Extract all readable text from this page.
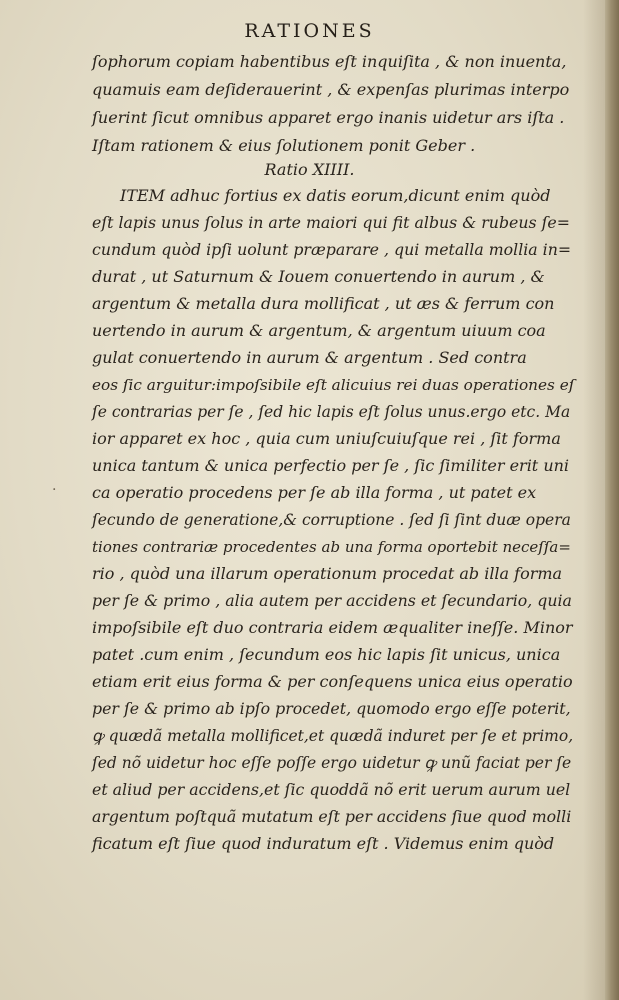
RATIONES
ſophorum copiam habentibus eſt inquiſita , & non inuenta,
quamuis eam deſiderauerint , & expenſas plurimas interpo
ſuerint ſicut omnibus apparet ergo inanis uidetur ars iſta .
Iſtam rationem & eius ſolutionem ponit Geber .
Ratio XIIII.
ITEM adhuc fortius ex datis eorum,dicunt enim quòd
eſt lapis unus ſolus in arte maiori qui fit albus & rubeus ſe=
cundum quòd ipſi uolunt præparare , qui metalla mollia in=
durat , ut Saturnum & Iouem conuertendo in aurum , &
argentum & metalla dura mollificat , ut æs & ferrum con
uertendo in aurum & argentum, & argentum uiuum coa
gulat conuertendo in aurum & argentum . Sed contra
eos ſic arguitur:impoſsibile eſt alicuius rei duas operationes eſ
ſe contrarias per ſe , ſed hic lapis eſt ſolus unus.ergo etc. Ma
ior apparet ex hoc , quia cum uniuſcuiuſque rei , ſit forma
unica tantum & unica perfectio per ſe , ſic ſimiliter erit uni
ca operatio procedens per ſe ab illa forma , ut patet ex
ſecundo de generatione,& corruptione . ſed ſi ſint duæ opera
tiones contrariæ procedentes ab una forma oportebit neceſſa=
rio , quòd una illarum operationum procedat ab illa forma
per ſe & primo , alia autem per accidens et ſecundario, quia
impoſsibile eſt duo contraria eidem æqualiter ineſſe. Minor
patet .cum enim , ſecundum eos hic lapis ſit unicus, unica
etiam erit eius forma & per conſequens unica eius operatio
per ſe & primo ab ipſo procedet, quomodo ergo eſſe poterit,
ꝙ quædã metalla mollificet,et quædã induret per ſe et primo,
ſed nõ uidetur hoc eſſe poſſe ergo uidetur ꝙ unũ faciat per ſe
et aliud per accidens,et ſic quoddã nõ erit uerum aurum uel
argentum poſtquã mutatum eſt per accidens ſiue quod molli
ficatum eſt ſiue quod induratum eſt . Videmus enim quòd
.
